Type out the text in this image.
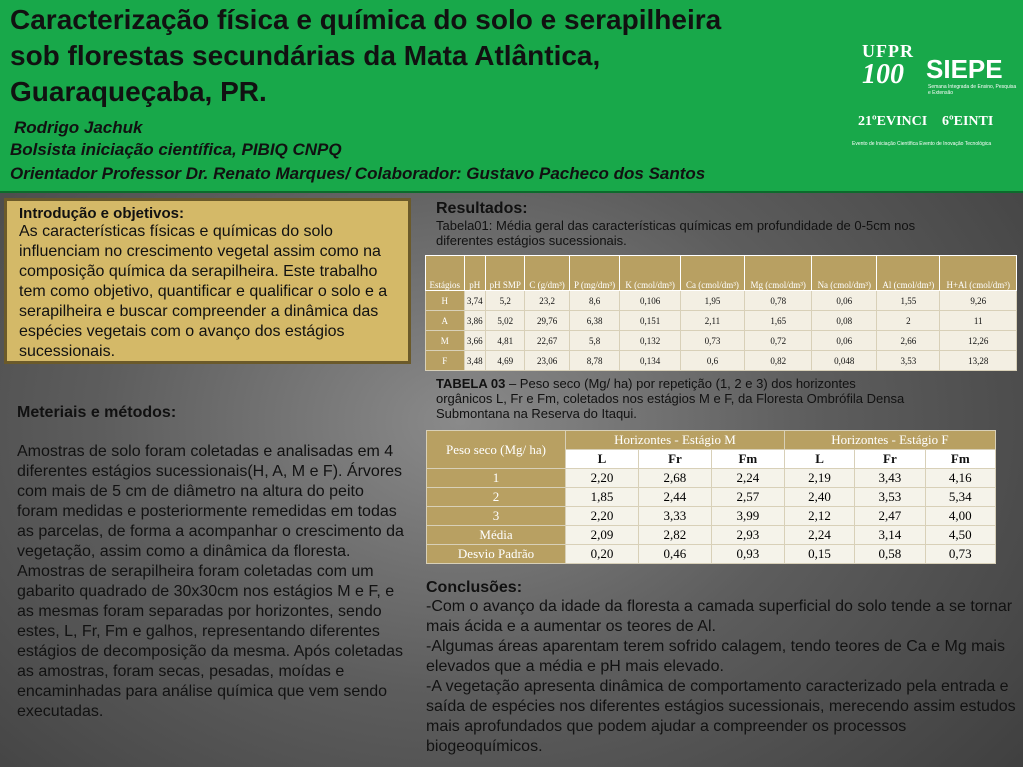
Caracterização física e química do solo e serapilheira
sob florestas secundárias da Mata Atlântica,
Guaraqueçaba, PR.

Rodrigo Jachuk

Bolsista iniciação científica, PIBIQ CNPQ

Orientador Professor Dr. Renato Marques/ Colaborador: Gustavo Pacheco dos Santos

UFPR
100 SIEPE
Semana Integrada de Ensino, Pesquisa e Extensão
21ºEVINCI 6ºEINTI
Evento de Iniciação Científica Evento de Inovação Tecnológica
Introdução e objetivos:

As características físicas e químicas do solo influenciam no crescimento vegetal assim como na composição química da serapilheira. Este trabalho tem como objetivo, quantificar e qualificar o solo e a serapilheira e buscar compreender a dinâmica das espécies vegetais com o avanço dos estágios sucessionais.

Meteriais e métodos:

Amostras de solo foram coletadas e analisadas em 4 diferentes estágios sucessionais(H, A, M e F). Árvores com mais de 5 cm de diâmetro na altura do peito foram medidas e posteriormente remedidas em todas as parcelas, de forma a acompanhar o crescimento da vegetação, assim como a dinâmica da floresta. Amostras de serapilheira foram coletadas com um gabarito quadrado de 30x30cm nos estágios M e F, e as mesmas foram separadas por horizontes, sendo estes, L, Fr, Fm e galhos, representando diferentes estágios de decomposição da mesma. Após coletadas as amostras, foram secas, pesadas, moídas e encaminhadas para análise química que vem sendo executadas.

Resultados:

Tabela01: Média geral das características químicas em profundidade de 0-5cm nos diferentes estágios sucessionais.

Estágios	pH	pH SMP	C (g/dm³)	P (mg/dm³)	K (cmol/dm³)	Ca (cmol/dm³)	Mg (cmol/dm³)	Na (cmol/dm³)	Al (cmol/dm³)	H+Al (cmol/dm³)
H	3,74	5,2	23,2	8,6	0,106	1,95	0,78	0,06	1,55	9,26
A	3,86	5,02	29,76	6,38	0,151	2,11	1,65	0,08	2	11
M	3,66	4,81	22,67	5,8	0,132	0,73	0,72	0,06	2,66	12,26
F	3,48	4,69	23,06	8,78	0,134	0,6	0,82	0,048	3,53	13,28

TABELA 03 – Peso seco (Mg/ ha) por repetição (1, 2 e 3) dos horizontes orgânicos L, Fr e Fm, coletados nos estágios M e F, da Floresta Ombrófila Densa Submontana na Reserva do Itaqui.

Peso seco (Mg/ ha)	Horizontes - Estágio M			Horizontes - Estágio F		
	L	Fr	Fm	L	Fr	Fm
1	2,20	2,68	2,24	2,19	3,43	4,16
2	1,85	2,44	2,57	2,40	3,53	5,34
3	2,20	3,33	3,99	2,12	2,47	4,00
Média	2,09	2,82	2,93	2,24	3,14	4,50
Desvio Padrão	0,20	0,46	0,93	0,15	0,58	0,73
Conclusões:

-Com o avanço da idade da floresta a camada superficial do solo tende a se tornar mais ácida e a aumentar os teores de Al.

-Algumas áreas aparentam terem sofrido calagem, tendo teores de Ca e Mg mais elevados que a média e pH mais elevado.

-A vegetação apresenta dinâmica de comportamento caracterizado pela entrada e saída de espécies nos diferentes estágios sucessionais, merecendo assim estudos mais aprofundados que podem ajudar a compreender os processos biogeoquímicos.
